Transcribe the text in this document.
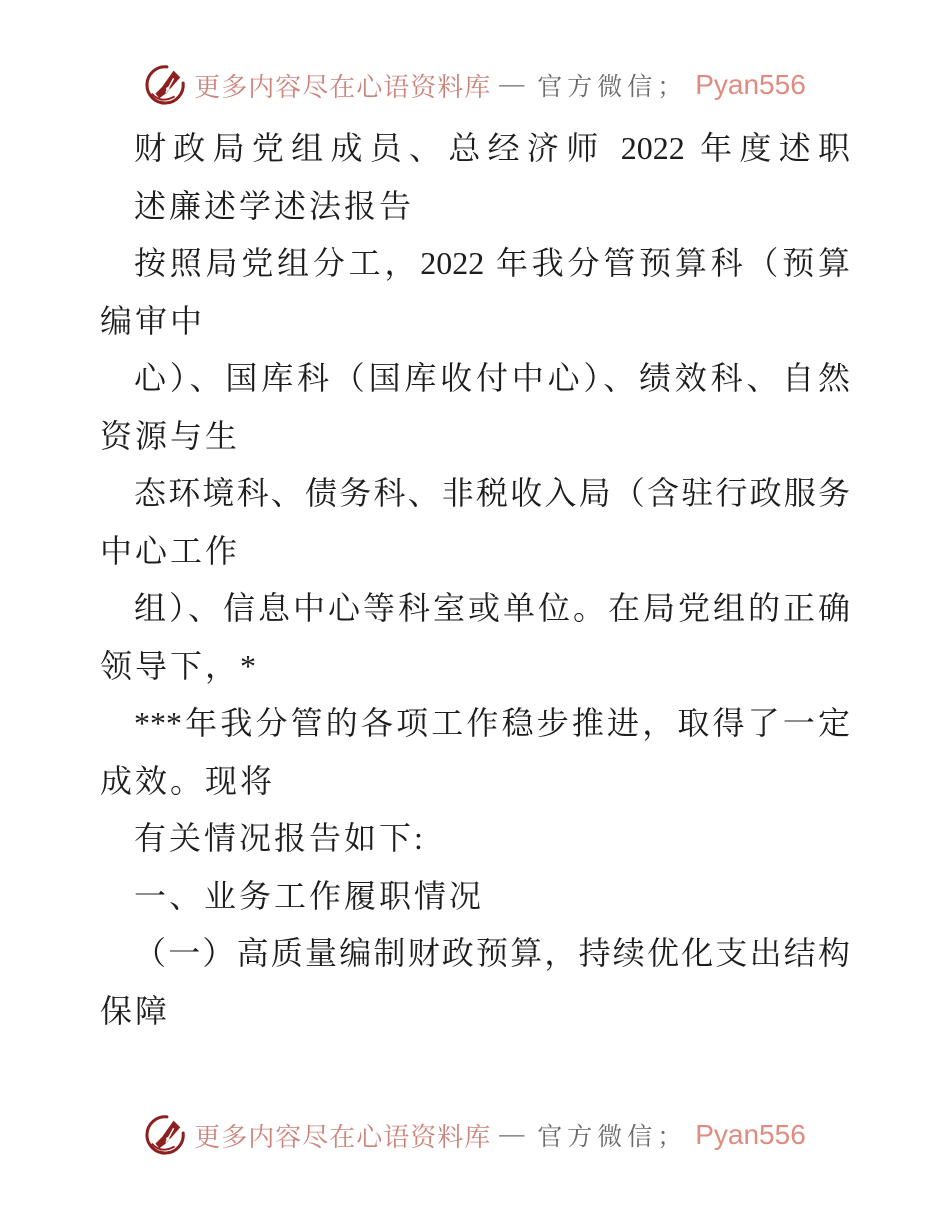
更多内容尽在心语资料库 — 官方微信； Pyan556
财政局党组成员、总经济师 2022 年度述职
述廉述学述法报告
按照局党组分工，2022 年我分管预算科（预算
编审中
心）、国库科（国库收付中心）、绩效科、自然
资源与生
态环境科、债务科、非税收入局（含驻行政服务
中心工作
组）、信息中心等科室或单位。在局党组的正确
领导下，*
***年我分管的各项工作稳步推进，取得了一定
成效。现将
有关情况报告如下:
一、业务工作履职情况
（一）高质量编制财政预算，持续优化支出结构
保障
更多内容尽在心语资料库 — 官方微信； Pyan556
